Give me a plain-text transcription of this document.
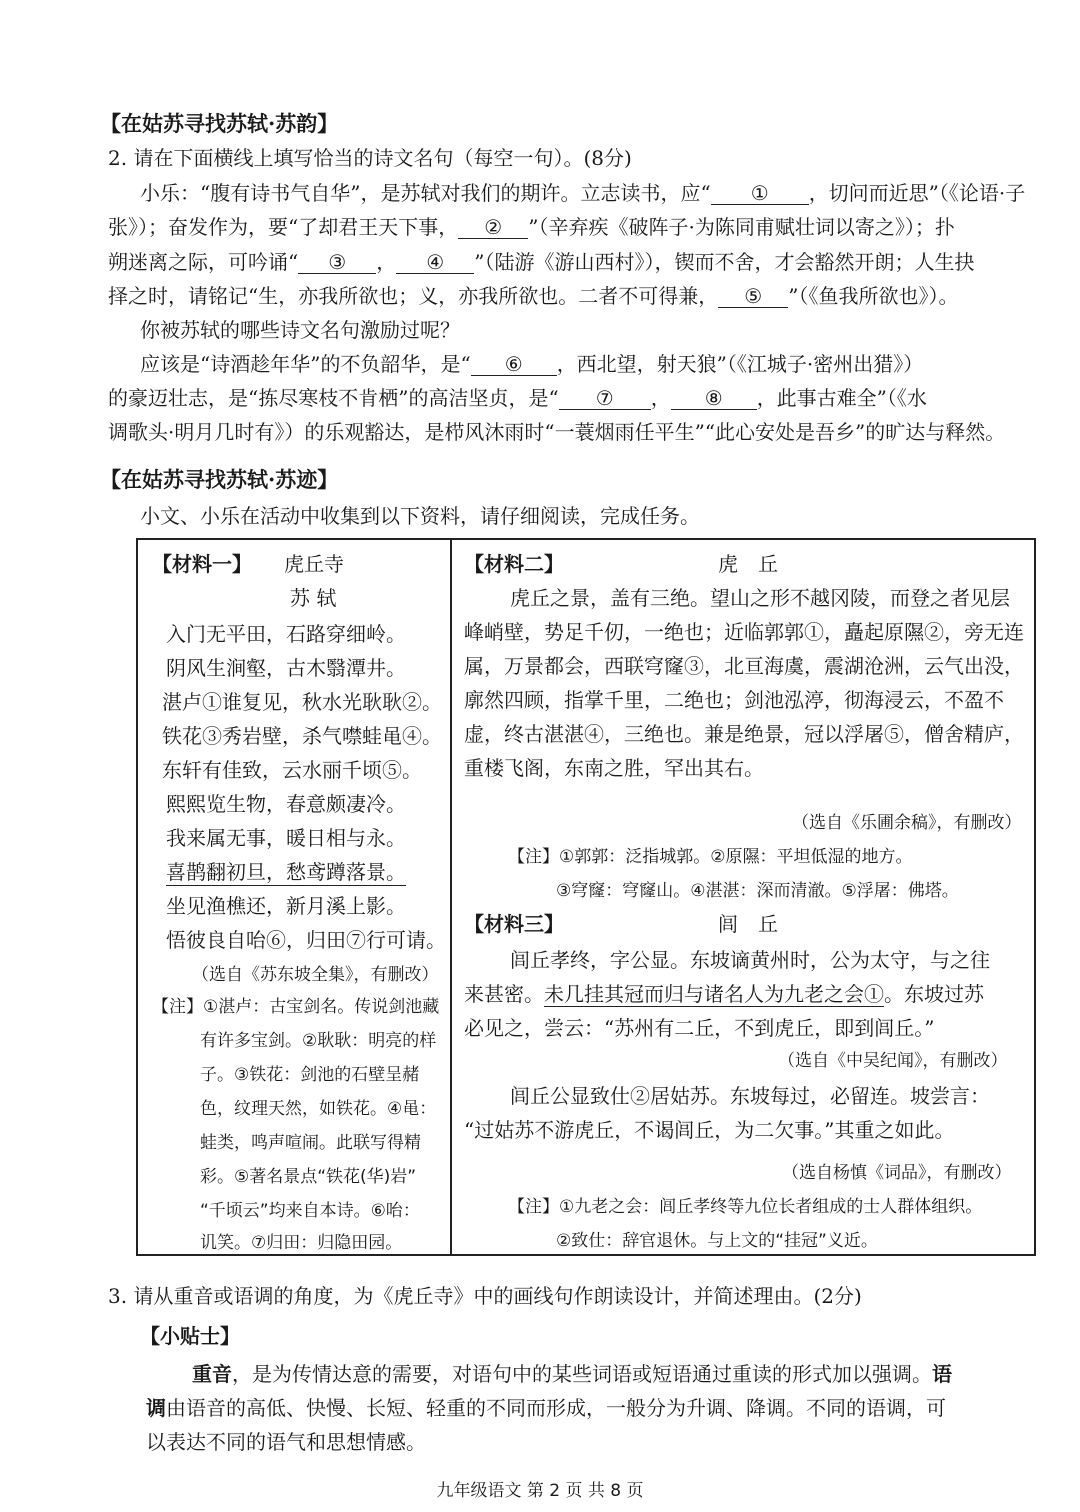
【在姑苏寻找苏轼·苏韵】
2. 请在下面横线上填写恰当的诗文名句（每空一句）。(8分)
小乐：“腹有诗书气自华”，是苏轼对我们的期许。立志读书，应“ ① ，切问而近思”（《论语·子
张》）；奋发作为，要“了却君王天下事， ② ”（辛弃疾《破阵子·为陈同甫赋壮词以寄之》）；扑
朔迷离之际，可吟诵“ ③ ， ④ ”（陆游《游山西村》），锲而不舍，才会豁然开朗；人生抉
择之时，请铭记“生，亦我所欲也；义，亦我所欲也。二者不可得兼， ⑤ ”（《鱼我所欲也》）。
你被苏轼的哪些诗文名句激励过呢？
应该是“诗酒趁年华”的不负韶华，是“ ⑥ ，西北望，射天狼”（《江城子·密州出猎》）
的豪迈壮志，是“拣尽寒枝不肯栖”的高洁坚贞，是“ ⑦ ， ⑧ ，此事古难全”（《水
调歌头·明月几时有》）的乐观豁达，是栉风沐雨时“一蓑烟雨任平生”“此心安处是吾乡”的旷达与释然。
【在姑苏寻找苏轼·苏迹】
小文、小乐在活动中收集到以下资料，请仔细阅读，完成任务。
【材料一】 虎丘寺
苏 轼
入门无平田，石路穿细岭。
阴风生涧壑，古木翳潭井。
湛卢①谁复见，秋水光耿耿②。
铁花③秀岩壁，杀气噤蛙黾④。
东轩有佳致，云水丽千顷⑤。
熙熙览生物，春意颇凄冷。
我来属无事，暖日相与永。
喜鹊翻初旦，愁鸢蹲落景。
坐见渔樵还，新月溪上影。
悟彼良自咍⑥，归田⑦行可请。
（选自《苏东坡全集》，有删改）
【注】①湛卢：古宝剑名。传说剑池藏
有许多宝剑。②耿耿：明亮的样
子。③铁花：剑池的石壁呈赭
色，纹理天然，如铁花。④黾：
蛙类，鸣声喧闹。此联写得精
彩。⑤著名景点“铁花(华)岩”
“千顷云”均来自本诗。⑥咍：
讥笑。⑦归田：归隐田园。
【材料二】	虎　丘
虎丘之景，盖有三绝。望山之形不越冈陵，而登之者见层
峰峭壁，势足千仞，一绝也；近临郭郭①，矗起原隰②，旁无连
属，万景都会，西联穹窿③，北亘海虞，震湖沧洲，云气出没，
廓然四顾，指掌千里，二绝也；剑池泓渟，彻海浸云，不盈不
虚，终古湛湛④，三绝也。兼是绝景，冠以浮屠⑤，僧舍精庐，
重楼飞阁，东南之胜，罕出其右。
（选自《乐圃余稿》，有删改）
【注】①郭郭：泛指城郭。②原隰：平坦低湿的地方。
③穹窿：穹窿山。④湛湛：深而清澈。⑤浮屠：佛塔。
【材料三】	闾　丘
闾丘孝终，字公显。东坡谪黄州时，公为太守，与之往
来甚密。未几挂其冠而归与诸名人为九老之会①。东坡过苏
必见之，尝云：“苏州有二丘，不到虎丘，即到闾丘。”
（选自《中吴纪闻》，有删改）
闾丘公显致仕②居姑苏。东坡每过，必留连。坡尝言：
“过姑苏不游虎丘，不谒闾丘，为二欠事。”其重之如此。
（选自杨慎《词品》，有删改）
【注】①九老之会：闾丘孝终等九位长者组成的士人群体组织。
②致仕：辞官退休。与上文的“挂冠”义近。
3. 请从重音或语调的角度，为《虎丘寺》中的画线句作朗读设计，并简述理由。(2分)
【小贴士】
重音，是为传情达意的需要，对语句中的某些词语或短语通过重读的形式加以强调。语
调由语音的高低、快慢、长短、轻重的不同而形成，一般分为升调、降调。不同的语调，可
以表达不同的语气和思想情感。
九年级语文 第 2 页 共 8 页
